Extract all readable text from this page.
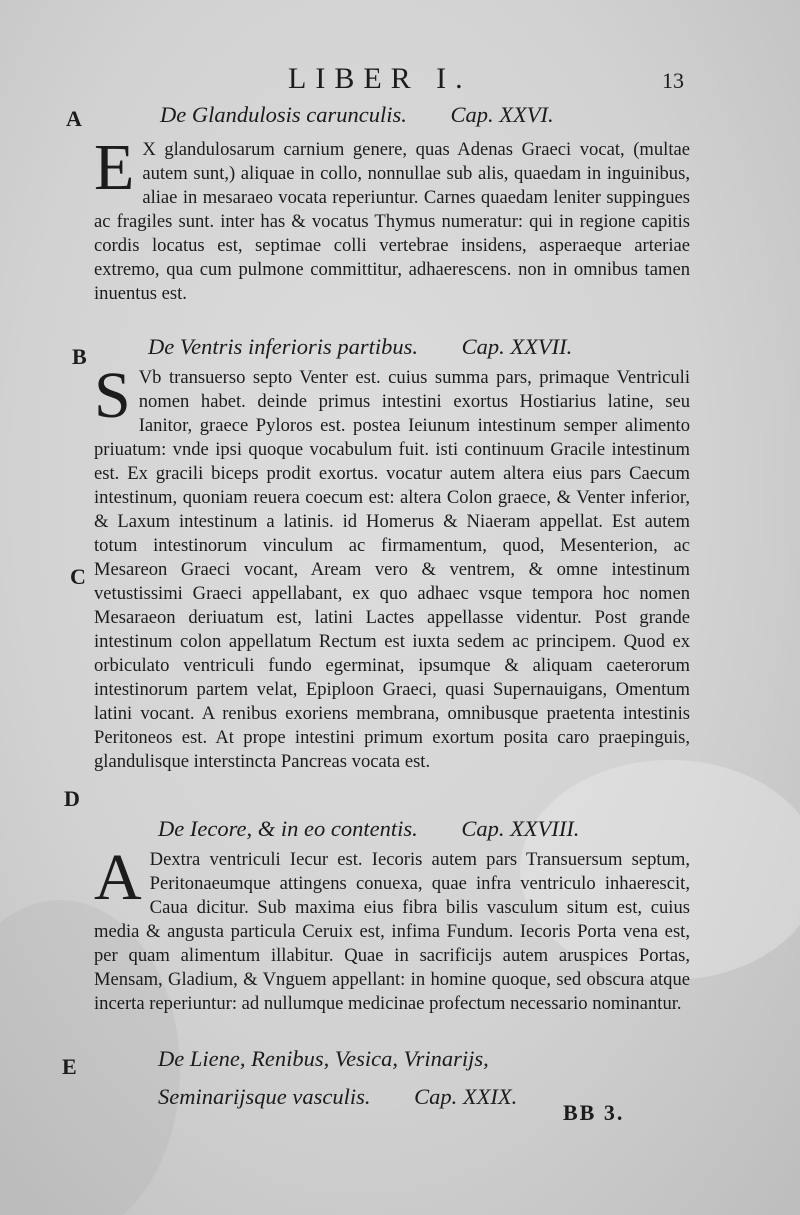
LIBER I.	13
A
B
C
D
E
De Glandulosis carunculis. Cap. XXVI.

E X glandulosarum carnium genere, quas Adenas Graeci vocat, (multae autem sunt,) aliquae in collo, nonnullae sub alis, quaedam in inguinibus, aliae in mesaraeo vocata reperiuntur. Carnes quaedam leniter suppingues ac fragiles sunt. inter has & vocatus Thymus numeratur: qui in regione capitis cordis locatus est, septimae colli vertebrae insidens, asperaeque arteriae extremo, qua cum pulmone committitur, adhaerescens. non in omnibus tamen inuentus est.

De Ventris inferioris partibus. Cap. XXVII.

S Vb transuerso septo Venter est. cuius summa pars, primaque Ventriculi nomen habet. deinde primus intestini exortus Hostiarius latine, seu Ianitor, graece Pyloros est. postea Ieiunum intestinum semper alimento priuatum: vnde ipsi quoque vocabulum fuit. isti continuum Gracile intestinum est. Ex gracili biceps prodit exortus. vocatur autem altera eius pars Caecum intestinum, quoniam reuera coecum est: altera Colon graece, & Venter inferior, & Laxum intestinum a latinis. id Homerus & Niaeram appellat. Est autem totum intestinorum vinculum ac firmamentum, quod, Mesenterion, ac Mesareon Graeci vocant, Aream vero & ventrem, & omne intestinum vetustissimi Graeci appellabant, ex quo adhaec vsque tempora hoc nomen Mesaraeon deriuatum est, latini Lactes appellasse videntur. Post grande intestinum colon appellatum Rectum est iuxta sedem ac principem. Quod ex orbiculato ventriculi fundo egerminat, ipsumque & aliquam caeterorum intestinorum partem velat, Epiploon Graeci, quasi Supernauigans, Omentum latini vocant. A renibus exoriens membrana, omnibusque praetenta intestinis Peritoneos est. At prope intestini primum exortum posita caro praepinguis, glandulisque interstincta Pancreas vocata est.

De Iecore, & in eo contentis. Cap. XXVIII.

A Dextra ventriculi Iecur est. Iecoris autem pars Transuersum septum, Peritonaeumque attingens conuexa, quae infra ventriculo inhaerescit, Caua dicitur. Sub maxima eius fibra bilis vasculum situm est, cuius media & angusta particula Ceruix est, infima Fundum. Iecoris Porta vena est, per quam alimentum illabitur. Quae in sacrificijs autem aruspices Portas, Mensam, Gladium, & Vnguem appellant: in homine quoque, sed obscura atque incerta reperiuntur: ad nullumque medicinae profectum necessario nominantur.

De Liene, Renibus, Vesica, Vrinarijs, Seminarijsque vasculis. Cap. XXIX.
BB 3.
